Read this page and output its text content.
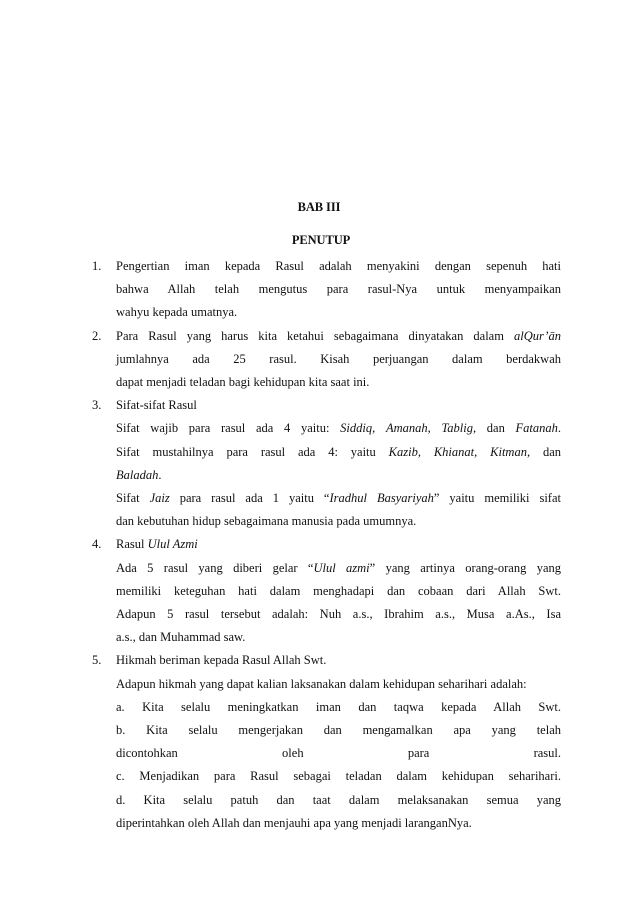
BAB III
PENUTUP
1. Pengertian iman kepada Rasul adalah menyakini dengan sepenuh hati
bahwa Allah telah mengutus para rasul-Nya untuk menyampaikan
wahyu kepada umatnya.
2. Para Rasul yang harus kita ketahui sebagaimana dinyatakan dalam alQur’ān
jumlahnya ada 25 rasul. Kisah perjuangan dalam berdakwah
dapat menjadi teladan bagi kehidupan kita saat ini.
3. Sifat-sifat Rasul
Sifat wajib para rasul ada 4 yaitu: Siddiq, Amanah, Tablig, dan Fatanah.
Sifat mustahilnya para rasul ada 4: yaitu Kazib, Khianat, Kitman, dan
Baladah.
Sifat Jaiz para rasul ada 1 yaitu “Iradhul Basyariyah” yaitu memiliki sifat
dan kebutuhan hidup sebagaimana manusia pada umumnya.
4. Rasul Ulul Azmi
Ada 5 rasul yang diberi gelar “Ulul azmi” yang artinya orang-orang yang
memiliki keteguhan hati dalam menghadapi dan cobaan dari Allah Swt.
Adapun 5 rasul tersebut adalah: Nuh a.s., Ibrahim a.s., Musa a.As., Isa
a.s., dan Muhammad saw.
5. Hikmah beriman kepada Rasul Allah Swt.
Adapun hikmah yang dapat kalian laksanakan dalam kehidupan seharihari adalah:
a. Kita selalu meningkatkan iman dan taqwa kepada Allah Swt.
b. Kita selalu mengerjakan dan mengamalkan apa yang telah
dicontohkan oleh para rasul.
c. Menjadikan para Rasul sebagai teladan dalam kehidupan seharihari.
d. Kita selalu patuh dan taat dalam melaksanakan semua yang
diperintahkan oleh Allah dan menjauhi apa yang menjadi laranganNya.
